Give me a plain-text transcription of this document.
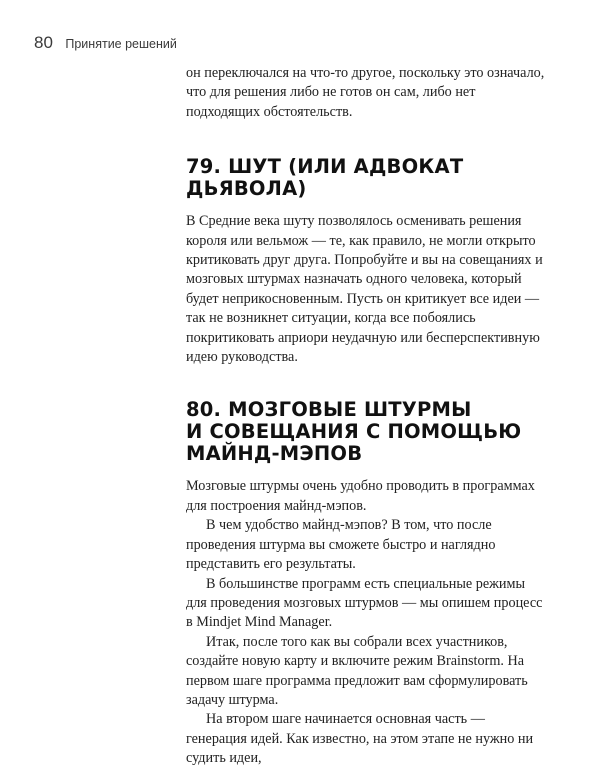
80 Принятие решений

он переключался на что-то другое, поскольку это означало, что для решения либо не готов он сам, либо нет подходящих обстоятельств.

79. ШУТ (ИЛИ АДВОКАТ ДЬЯВОЛА)

В Средние века шуту позволялось осменивать решения короля или вельмож — те, как правило, не могли открыто критиковать друг друга. Попробуйте и вы на совещаниях и мозговых штурмах назначать одного человека, который будет неприкосновенным. Пусть он критикует все идеи — так не возникнет ситуации, когда все побоялись покритиковать априори неудачную или бесперспективную идею руководства.

80. МОЗГОВЫЕ ШТУРМЫ
И СОВЕЩАНИЯ С ПОМОЩЬЮ
МАЙНД-МЭПОВ

Мозговые штурмы очень удобно проводить в программах для построения майнд-мэпов.

В чем удобство майнд-мэпов? В том, что после проведения штурма вы сможете быстро и наглядно представить его результаты.

В большинстве программ есть специальные режимы для проведения мозговых штурмов — мы опишем процесс в Mindjet Mind Manager.

Итак, после того как вы собрали всех участников, создайте новую карту и включите режим Brainstorm. На первом шаге программа предложит вам сформулировать задачу штурма.

На втором шаге начинается основная часть — генерация идей. Как известно, на этом этапе не нужно ни судить идеи,
